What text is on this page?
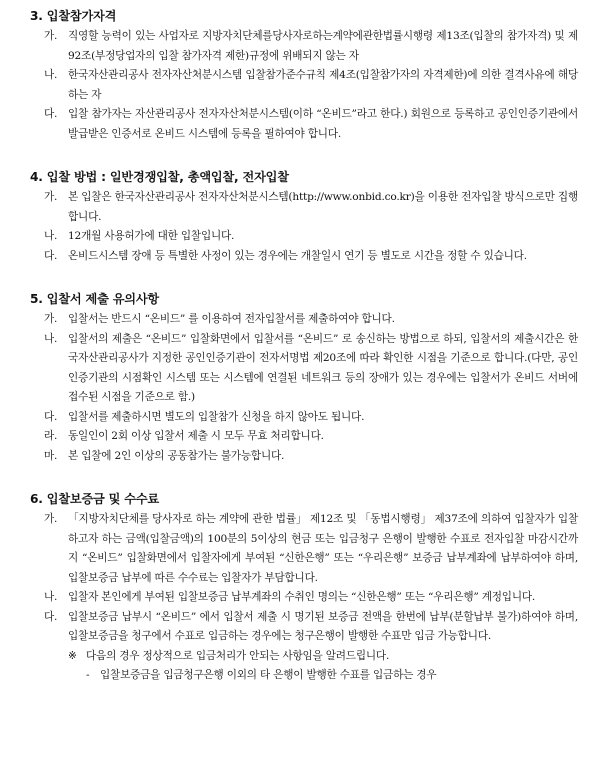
3. 입찰참가자격
가.	직영할 능력이 있는 사업자로 지방자치단체를당사자로하는계약에관한법률시행령 제13조(입찰의 참가자격) 및 제92조(부정당업자의 입찰 참가자격 제한)규정에 위배되지 않는 자
나.	한국자산관리공사 전자자산처분시스템 입찰참가준수규칙 제4조(입찰참가자의 자격제한)에 의한 결격사유에 해당하는 자
다.	입찰 참가자는 자산관리공사 전자자산처분시스템(이하 “온비드”라고 한다.) 회원으로 등록하고 공인인증기관에서 발급받은 인증서로 온비드 시스템에 등록을 필하여야 합니다.
4. 입찰 방법 : 일반경쟁입찰, 총액입찰, 전자입찰
가.	본 입찰은 한국자산관리공사 전자자산처분시스템(http://www.onbid.co.kr)을 이용한 전자입찰 방식으로만 집행합니다.
나.	12개월 사용허가에 대한 입찰입니다.
다.	온비드시스템 장애 등 특별한 사정이 있는 경우에는 개찰일시 연기 등 별도로 시간을 정할 수 있습니다.
5. 입찰서 제출 유의사항
가.	입찰서는 반드시 “온비드” 를 이용하여 전자입찰서를 제출하여야 합니다.
나.	입찰서의 제출은 “온비드” 입찰화면에서 입찰서를 “온비드” 로 송신하는 방법으로 하되, 입찰서의 제출시간은 한국자산관리공사가 지정한 공인인증기관이 전자서명법 제20조에 따라 확인한 시점을 기준으로 합니다.(다만, 공인인증기관의 시점확인 시스템 또는 시스템에 연결된 네트워크 등의 장애가 있는 경우에는 입찰서가 온비드 서버에 접수된 시점을 기준으로 함.)
다.	입찰서를 제출하시면 별도의 입찰참가 신청을 하지 않아도 됩니다.
라.	동일인이 2회 이상 입찰서 제출 시 모두 무효 처리합니다.
마.	본 입찰에 2인 이상의 공동참가는 불가능합니다.
6. 입찰보증금 및 수수료
가.	「지방자치단체를 당사자로 하는 계약에 관한 법률」 제12조 및 「동법시행령」 제37조에 의하여 입찰자가 입찰하고자 하는 금액(입찰금액)의 100분의 5이상의 현금 또는 입금청구 은행이 발행한 수표로 전자입찰 마감시간까지 “온비드” 입찰화면에서 입찰자에게 부여된 “신한은행” 또는 “우리은행” 보증금 납부계좌에 납부하여야 하며, 입찰보증금 납부에 따른 수수료는 입찰자가 부담합니다.
나.	입찰자 본인에게 부여된 입찰보증금 납부계좌의 수취인 명의는 “신한은행” 또는 “우리은행” 계정입니다.
다.	입찰보증금 납부시 “온비드” 에서 입찰서 제출 시 명기된 보증금 전액을 한번에 납부(분할납부 불가)하여야 하며, 입찰보증금을 청구에서 수표로 입금하는 경우에는 청구은행이 발행한 수표만 입금 가능합니다.
※ 다음의 경우 정상적으로 입금처리가 안되는 사항임을 알려드립니다.
-	입찰보증금을 입금청구은행 이외의 타 은행이 발행한 수표를 입금하는 경우
